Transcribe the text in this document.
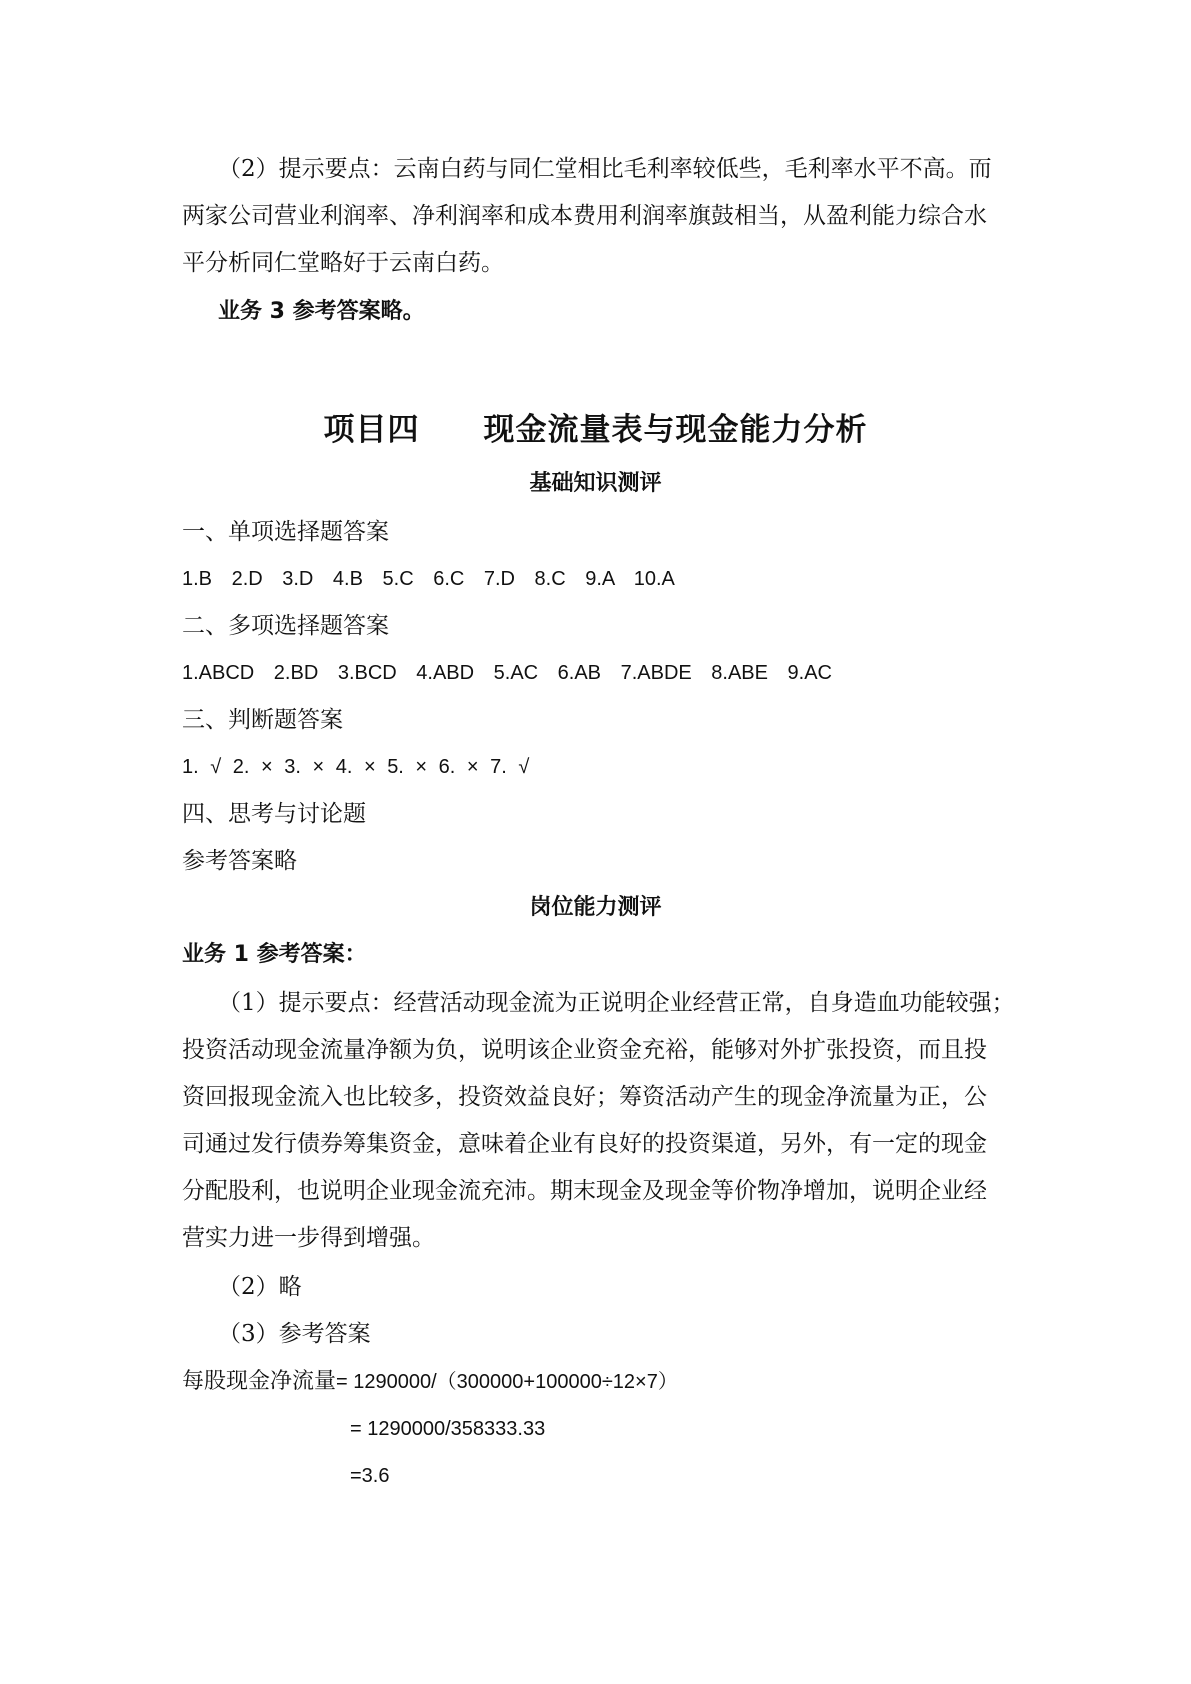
（2）提示要点：云南白药与同仁堂相比毛利率较低些，毛利率水平不高。而
两家公司营业利润率、净利润率和成本费用利润率旗鼓相当，从盈利能力综合水
平分析同仁堂略好于云南白药。
业务 3 参考答案略。
项目四　　现金流量表与现金能力分析
基础知识测评
一、单项选择题答案
1.B 2.D 3.D 4.B 5.C 6.C 7.D 8.C 9.A 10.A
二、多项选择题答案
1.ABCD 2.BD 3.BCD 4.ABD 5.AC 6.AB 7.ABDE 8.ABE 9.AC
三、判断题答案
1. √ 2. × 3. × 4. × 5. × 6. × 7. √
四、思考与讨论题
参考答案略
岗位能力测评
业务 1 参考答案：
（1）提示要点：经营活动现金流为正说明企业经营正常，自身造血功能较强；
投资活动现金流量净额为负，说明该企业资金充裕，能够对外扩张投资，而且投
资回报现金流入也比较多，投资效益良好；筹资活动产生的现金净流量为正，公
司通过发行债券筹集资金，意味着企业有良好的投资渠道，另外，有一定的现金
分配股利，也说明企业现金流充沛。期末现金及现金等价物净增加，说明企业经
营实力进一步得到增强。
（2）略
（3）参考答案
每股现金净流量= 1290000/（300000+100000÷12×7）
= 1290000/358333.33
=3.6
